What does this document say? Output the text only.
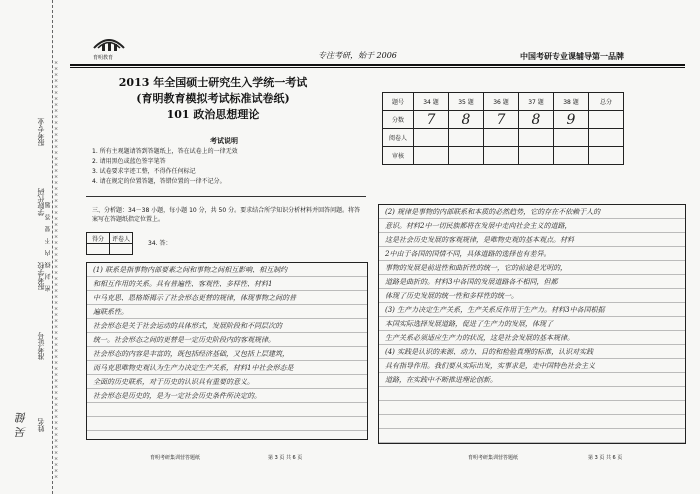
报考专业
学院代码
报考学校
准考证号
姓名
吴 健
密 封 线 内 不 要 答 题
××××××××××××××××××××××××××××××××××××××××××××××××××××××××××××××××××××××
育明教育	专注考研，始于 2006	中国考研专业课辅导第一品牌
2013 年全国硕士研究生入学统一考试
(育明教育模拟考试标准试卷纸)
101 政治思想理论
题号	34 题	35 题	36 题	37 题	38 题	总分
分数	7	8	7	8	9	
阅卷人						
审核						
考试说明
1. 所有主观题请答到答题纸上，答在试卷上的一律无效
2. 请用黑色或蓝色签字笔答
3. 试卷要求字迹工整，不得作任何标记
4. 请在规定的位置答题，答错位置的一律不记分。
三、分析题：34－38 小题，每小题 10 分，共 50 分。要求结合所学知识分析材料并回答问题。将答案写在答题纸指定位置上。
得分	评卷人

34. 答：
(1) 联系是指事物内部要素之间和事物之间相互影响、相互制约
和相互作用的关系。具有普遍性、客观性、多样性、材料1
中马克思、恩格斯揭示了社会形态更替的规律，体现事物之间的普
遍联系性。
社会形态是关于社会运动的具体形式，发展阶段和不同层次的
统一。社会形态之间的更替是一定历史阶段内的客观规律。
社会形态的内容是丰富的，既包括经济基础，又包括上层建筑，
而马克思唯物史观认为生产力决定生产关系，材料1中社会形态是
全面的历史联系，对于历史的认识具有重要的意义。
社会形态是历史的，是为一定社会历史条件所决定的。
(2) 规律是事物的内部联系和本质的必然趋势，它的存在不依赖于人的
意识。材料2中一切民族都将在发展中走向社会主义的道路，
这是社会历史发展的客观规律，是唯物史观的基本观点。材料
2中由于各国的国情不同，具体道路的选择也有差异。
事物的发展是前进性和曲折性的统一，它的前途是光明的，
道路是曲折的。材料3中各国的发展道路各不相同，但都
体现了历史发展的统一性和多样性的统一。
(3) 生产力决定生产关系，生产关系反作用于生产力。材料3中各国根据
本国实际选择发展道路，促进了生产力的发展，体现了
生产关系必须适应生产力的状况，这是社会发展的基本规律。
(4) 实践是认识的来源、动力、目的和检验真理的标准，认识对实践
具有指导作用。我们要从实际出发，实事求是，走中国特色社会主义
道路，在实践中不断推进理论创新。
育明考研集训营答题纸	第 3 页 共 6 页	育明考研集训营答题纸	第 3 页 共 6 页
